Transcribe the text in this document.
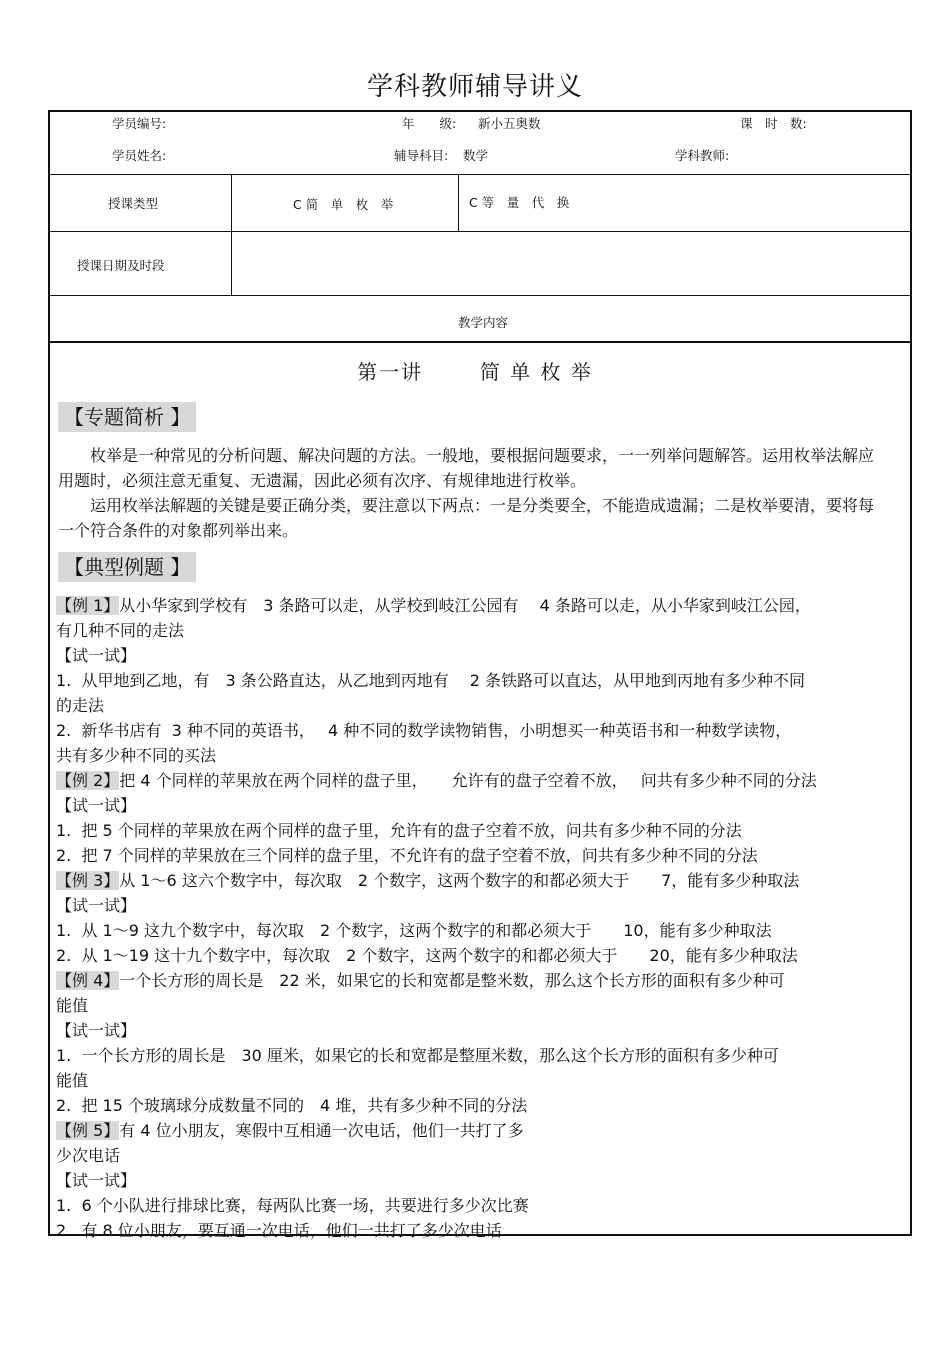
学科教师辅导讲义
学员编号:	年　　级: 新小五奥数	课　时　数:
学员姓名:	辅导科目: 数学	学科教师:
授课类型	C 简　单　枚　举	C 等　量　代　换
授课日期及时段
教学内容
第一讲	简 单 枚 举
【专题简析 】

枚举是一种常见的分析问题、解决问题的方法。一般地，要根据问题要求，一一列举问题解答。运用枚举法解应用题时，必须注意无重复、无遗漏，因此必须有次序、有规律地进行枚举。

运用枚举法解题的关键是要正确分类，要注意以下两点：一是分类要全，不能造成遗漏；二是枚举要清，要将每一个符合条件的对象都列举出来。

【典型例题 】
【例 1】从小华家到学校有　3 条路可以走，从学校到岐江公园有　 4 条路可以走，从小华家到岐江公园，
有几种不同的走法
【试一试】
1.  从甲地到乙地，有　3 条公路直达，从乙地到丙地有　 2 条铁路可以直达，从甲地到丙地有多少种不同
的走法
2.  新华书店有  3 种不同的英语书，　 4 种不同的数学读物销售，小明想买一种英语书和一种数学读物，
共有多少种不同的买法
【例 2】把 4 个同样的苹果放在两个同样的盘子里，　　允许有的盘子空着不放，　 问共有多少种不同的分法
【试一试】
1.  把 5 个同样的苹果放在两个同样的盘子里，允许有的盘子空着不放，问共有多少种不同的分法
2.  把 7 个同样的苹果放在三个同样的盘子里，不允许有的盘子空着不放，问共有多少种不同的分法
【例 3】从 1～6 这六个数字中，每次取　2 个数字，这两个数字的和都必须大于　　7，能有多少种取法
【试一试】
1.  从 1～9 这九个数字中，每次取　2 个数字，这两个数字的和都必须大于　　10，能有多少种取法
2.  从 1～19 这十九个数字中，每次取　2 个数字，这两个数字的和都必须大于　　20，能有多少种取法
【例 4】一个长方形的周长是　22 米，如果它的长和宽都是整米数，那么这个长方形的面积有多少种可
能值
【试一试】
1.  一个长方形的周长是　30 厘米，如果它的长和宽都是整厘米数，那么这个长方形的面积有多少种可
能值
2.  把 15 个玻璃球分成数量不同的　4 堆，共有多少种不同的分法
【例 5】有 4 位小朋友，寒假中互相通一次电话，他们一共打了多
少次电话
【试一试】
1.  6 个小队进行排球比赛，每两队比赛一场，共要进行多少次比赛
2.  有 8 位小朋友，要互通一次电话，他们一共打了多少次电话
